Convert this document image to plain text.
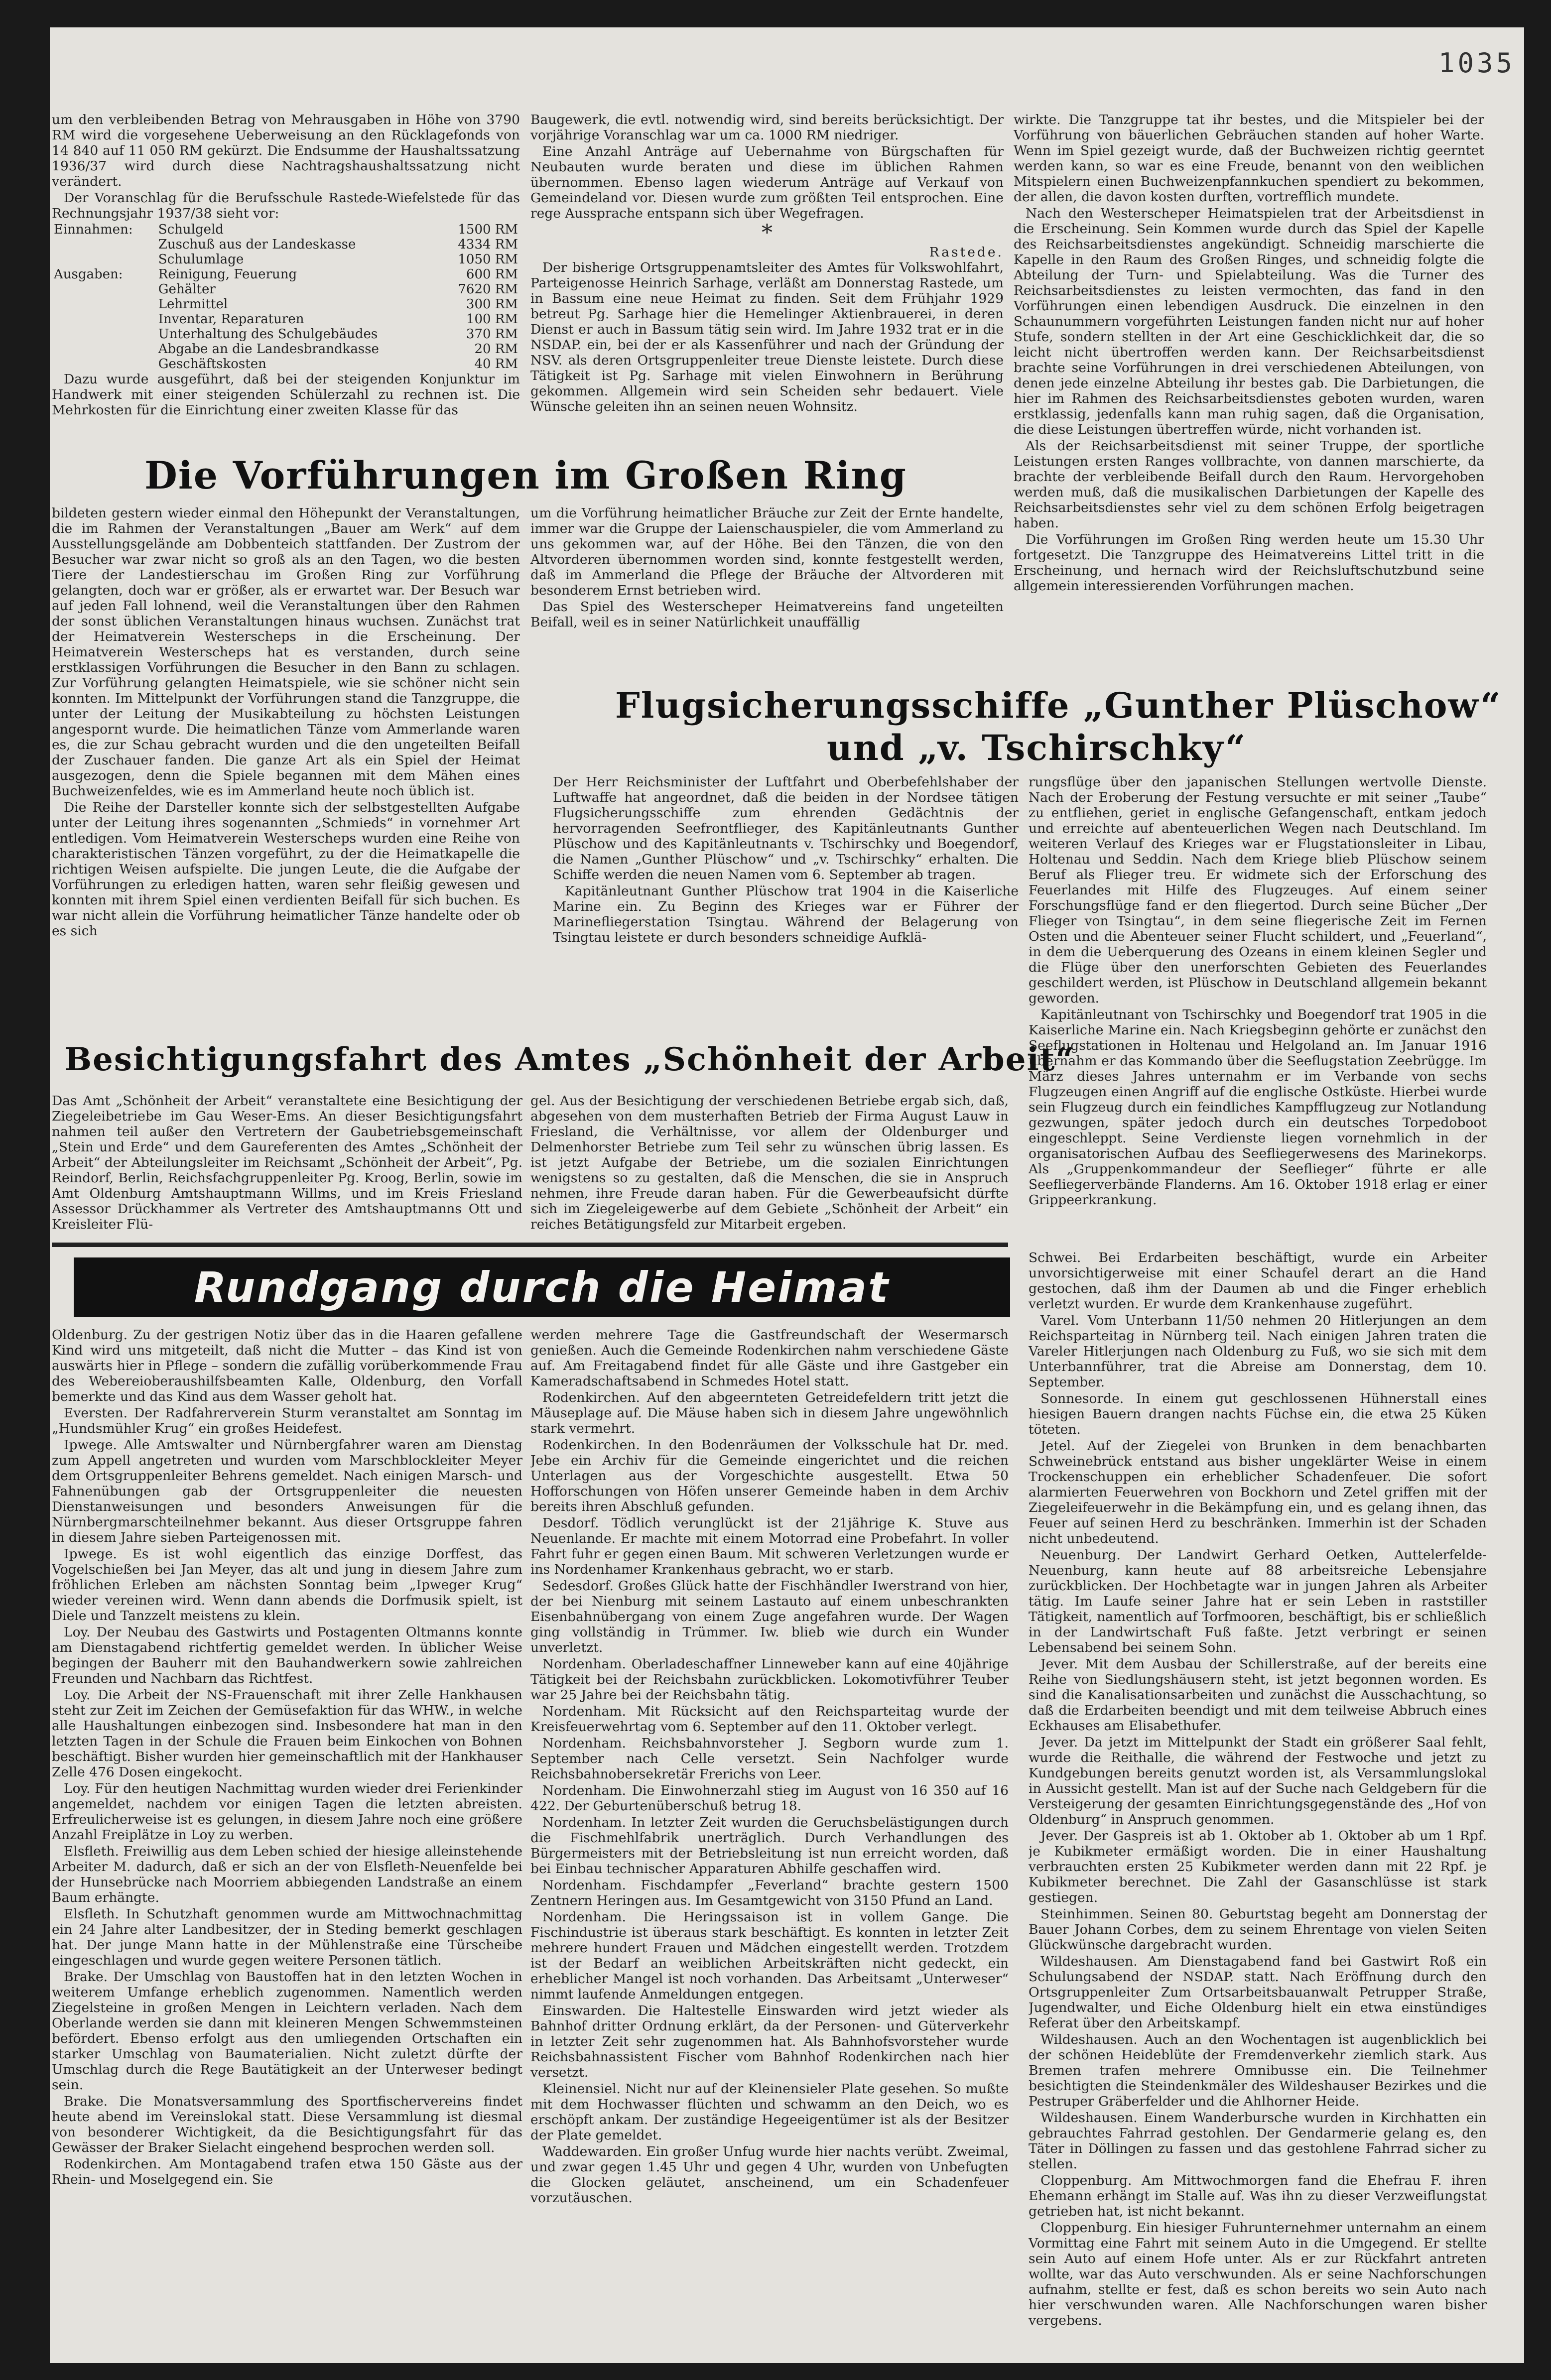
1035

um den verbleibenden Betrag von Mehrausgaben in Höhe von 3790 RM wird die vorgesehene Ueberweisung an den Rücklagefonds von 14 840 auf 11 050 RM gekürzt. Die Endsumme der Haushaltssatzung 1936/37 wird durch diese Nachtragshaushaltssatzung nicht verändert.

Der Voranschlag für die Berufsschule Rastede-Wiefelstede für das Rechnungsjahr 1937/38 sieht vor:

Einnahmen:	Schulgeld	1500 RM
	Zuschuß aus der Landeskasse	4334 RM
	Schulumlage	1050 RM
Ausgaben:	Reinigung, Feuerung	600 RM
	Gehälter	7620 RM
	Lehrmittel	300 RM
	Inventar, Reparaturen	100 RM
	Unterhaltung des Schulgebäudes	370 RM
	Abgabe an die Landesbrandkasse	20 RM
	Geschäftskosten	40 RM

Dazu wurde ausgeführt, daß bei der steigenden Konjunktur im Handwerk mit einer steigenden Schülerzahl zu rechnen ist. Die Mehrkosten für die Einrichtung einer zweiten Klasse für das

Baugewerk, die evtl. notwendig wird, sind bereits berücksichtigt. Der vorjährige Voranschlag war um ca. 1000 RM niedriger.

Eine Anzahl Anträge auf Uebernahme von Bürgschaften für Neubauten wurde beraten und diese im üblichen Rahmen übernommen. Ebenso lagen wiederum Anträge auf Verkauf von Gemeindeland vor. Diesen wurde zum größten Teil entsprochen. Eine rege Aussprache entspann sich über Wegefragen.

*
Rastede.

Der bisherige Ortsgruppenamtsleiter des Amtes für Volkswohlfahrt, Parteigenosse Heinrich Sarhage, verläßt am Donnerstag Rastede, um in Bassum eine neue Heimat zu finden. Seit dem Frühjahr 1929 betreut Pg. Sarhage hier die Hemelinger Aktienbrauerei, in deren Dienst er auch in Bassum tätig sein wird. Im Jahre 1932 trat er in die NSDAP. ein, bei der er als Kassenführer und nach der Gründung der NSV. als deren Ortsgruppenleiter treue Dienste leistete. Durch diese Tätigkeit ist Pg. Sarhage mit vielen Einwohnern in Berührung gekommen. Allgemein wird sein Scheiden sehr bedauert. Viele Wünsche geleiten ihn an seinen neuen Wohnsitz.

wirkte. Die Tanzgruppe tat ihr bestes, und die Mitspieler bei der Vorführung von bäuerlichen Gebräuchen standen auf hoher Warte. Wenn im Spiel gezeigt wurde, daß der Buchweizen richtig geerntet werden kann, so war es eine Freude, benannt von den weiblichen Mitspielern einen Buchweizenpfannkuchen spendiert zu bekommen, der allen, die davon kosten durften, vortrefflich mundete.

Nach den Westerscheper Heimatspielen trat der Arbeitsdienst in die Erscheinung. Sein Kommen wurde durch das Spiel der Kapelle des Reichsarbeitsdienstes angekündigt. Schneidig marschierte die Kapelle in den Raum des Großen Ringes, und schneidig folgte die Abteilung der Turn- und Spielabteilung. Was die Turner des Reichsarbeitsdienstes zu leisten vermochten, das fand in den Vorführungen einen lebendigen Ausdruck. Die einzelnen in den Schaunummern vorgeführten Leistungen fanden nicht nur auf hoher Stufe, sondern stellten in der Art eine Geschicklichkeit dar, die so leicht nicht übertroffen werden kann. Der Reichsarbeitsdienst brachte seine Vorführungen in drei verschiedenen Abteilungen, von denen jede einzelne Abteilung ihr bestes gab. Die Darbietungen, die hier im Rahmen des Reichsarbeitsdienstes geboten wurden, waren erstklassig, jedenfalls kann man ruhig sagen, daß die Organisation, die diese Leistungen übertreffen würde, nicht vorhanden ist.

Als der Reichsarbeitsdienst mit seiner Truppe, der sportliche Leistungen ersten Ranges vollbrachte, von dannen marschierte, da brachte der verbleibende Beifall durch den Raum. Hervorgehoben werden muß, daß die musikalischen Darbietungen der Kapelle des Reichsarbeitsdienstes sehr viel zu dem schönen Erfolg beigetragen haben.

Die Vorführungen im Großen Ring werden heute um 15.30 Uhr fortgesetzt. Die Tanzgruppe des Heimatvereins Littel tritt in die Erscheinung, und hernach wird der Reichsluftschutzbund seine allgemein interessierenden Vorführungen machen.

Die Vorführungen im Großen Ring

bildeten gestern wieder einmal den Höhepunkt der Veranstaltungen, die im Rahmen der Veranstaltungen „Bauer am Werk“ auf dem Ausstellungsgelände am Dobbenteich stattfanden. Der Zustrom der Besucher war zwar nicht so groß als an den Tagen, wo die besten Tiere der Landestierschau im Großen Ring zur Vorführung gelangten, doch war er größer, als er erwartet war. Der Besuch war auf jeden Fall lohnend, weil die Veranstaltungen über den Rahmen der sonst üblichen Veranstaltungen hinaus wuchsen. Zunächst trat der Heimatverein Westerscheps in die Erscheinung. Der Heimatverein Westerscheps hat es verstanden, durch seine erstklassigen Vorführungen die Besucher in den Bann zu schlagen. Zur Vorführung gelangten Heimatspiele, wie sie schöner nicht sein konnten. Im Mittelpunkt der Vorführungen stand die Tanzgruppe, die unter der Leitung der Musikabteilung zu höchsten Leistungen angespornt wurde. Die heimatlichen Tänze vom Ammerlande waren es, die zur Schau gebracht wurden und die den ungeteilten Beifall der Zuschauer fanden. Die ganze Art als ein Spiel der Heimat ausgezogen, denn die Spiele begannen mit dem Mähen eines Buchweizenfeldes, wie es im Ammerland heute noch üblich ist.

Die Reihe der Darsteller konnte sich der selbstgestellten Aufgabe unter der Leitung ihres sogenannten „Schmieds“ in vornehmer Art entledigen. Vom Heimatverein Westerscheps wurden eine Reihe von charakteristischen Tänzen vorgeführt, zu der die Heimatkapelle die richtigen Weisen aufspielte. Die jungen Leute, die die Aufgabe der Vorführungen zu erledigen hatten, waren sehr fleißig gewesen und konnten mit ihrem Spiel einen verdienten Beifall für sich buchen. Es war nicht allein die Vorführung heimatlicher Tänze handelte oder ob es sich

um die Vorführung heimatlicher Bräuche zur Zeit der Ernte handelte, immer war die Gruppe der Laienschauspieler, die vom Ammerland zu uns gekommen war, auf der Höhe. Bei den Tänzen, die von den Altvorderen übernommen worden sind, konnte festgestellt werden, daß im Ammerland die Pflege der Bräuche der Altvorderen mit besonderem Ernst betrieben wird.

Das Spiel des Westerscheper Heimatvereins fand ungeteilten Beifall, weil es in seiner Natürlichkeit unauffällig

Flugsicherungsschiffe „Gunther Plüschow“
und „v. Tschirschky“

Der Herr Reichsminister der Luftfahrt und Oberbefehlshaber der Luftwaffe hat angeordnet, daß die beiden in der Nordsee tätigen Flugsicherungsschiffe zum ehrenden Gedächtnis der hervorragenden Seefrontflieger, des Kapitänleutnants Gunther Plüschow und des Kapitänleutnants v. Tschirschky und Boegendorf, die Namen „Gunther Plüschow“ und „v. Tschirschky“ erhalten. Die Schiffe werden die neuen Namen vom 6. September ab tragen.

Kapitänleutnant Gunther Plüschow trat 1904 in die Kaiserliche Marine ein. Zu Beginn des Krieges war er Führer der Marinefliegerstation Tsingtau. Während der Belagerung von Tsingtau leistete er durch besonders schneidige Aufklä-

rungsflüge über den japanischen Stellungen wertvolle Dienste. Nach der Eroberung der Festung versuchte er mit seiner „Taube“ zu entfliehen, geriet in englische Gefangenschaft, entkam jedoch und erreichte auf abenteuerlichen Wegen nach Deutschland. Im weiteren Verlauf des Krieges war er Flugstationsleiter in Libau, Holtenau und Seddin. Nach dem Kriege blieb Plüschow seinem Beruf als Flieger treu. Er widmete sich der Erforschung des Feuerlandes mit Hilfe des Flugzeuges. Auf einem seiner Forschungsflüge fand er den fliegertod. Durch seine Bücher „Der Flieger von Tsingtau“, in dem seine fliegerische Zeit im Fernen Osten und die Abenteuer seiner Flucht schildert, und „Feuerland“, in dem die Ueberquerung des Ozeans in einem kleinen Segler und die Flüge über den unerforschten Gebieten des Feuerlandes geschildert werden, ist Plüschow in Deutschland allgemein bekannt geworden.

Kapitänleutnant von Tschirschky und Boegendorf trat 1905 in die Kaiserliche Marine ein. Nach Kriegsbeginn gehörte er zunächst den Seeflugstationen in Holtenau und Helgoland an. Im Januar 1916 übernahm er das Kommando über die Seeflugstation Zeebrügge. Im März dieses Jahres unternahm er im Verbande von sechs Flugzeugen einen Angriff auf die englische Ostküste. Hierbei wurde sein Flugzeug durch ein feindliches Kampfflugzeug zur Notlandung gezwungen, später jedoch durch ein deutsches Torpedoboot eingeschleppt. Seine Verdienste liegen vornehmlich in der organisatorischen Aufbau des Seefliegerwesens des Marinekorps. Als „Gruppenkommandeur der Seeflieger“ führte er alle Seefliegerverbände Flanderns. Am 16. Oktober 1918 erlag er einer Grippeerkrankung.

Besichtigungsfahrt des Amtes „Schönheit der Arbeit“

Das Amt „Schönheit der Arbeit“ veranstaltete eine Besichtigung der Ziegeleibetriebe im Gau Weser-Ems. An dieser Besichtigungsfahrt nahmen teil außer den Vertretern der Gaubetriebsgemeinschaft „Stein und Erde“ und dem Gaureferenten des Amtes „Schönheit der Arbeit“ der Abteilungsleiter im Reichsamt „Schönheit der Arbeit“, Pg. Reindorf, Berlin, Reichsfachgruppenleiter Pg. Kroog, Berlin, sowie im Amt Oldenburg Amtshauptmann Willms, und im Kreis Friesland Assessor Drückhammer als Vertreter des Amtshauptmanns Ott und Kreisleiter Flü-

gel. Aus der Besichtigung der verschiedenen Betriebe ergab sich, daß, abgesehen von dem musterhaften Betrieb der Firma August Lauw in Friesland, die Verhältnisse, vor allem der Oldenburger und Delmenhorster Betriebe zum Teil sehr zu wünschen übrig lassen. Es ist jetzt Aufgabe der Betriebe, um die sozialen Einrichtungen wenigstens so zu gestalten, daß die Menschen, die sie in Anspruch nehmen, ihre Freude daran haben. Für die Gewerbeaufsicht dürfte sich im Ziegeleigewerbe auf dem Gebiete „Schönheit der Arbeit“ ein reiches Betätigungsfeld zur Mitarbeit ergeben.

Rundgang durch die Heimat

Oldenburg. Zu der gestrigen Notiz über das in die Haaren gefallene Kind wird uns mitgeteilt, daß nicht die Mutter – das Kind ist von auswärts hier in Pflege – sondern die zufällig vorüberkommende Frau des Webereioberaushilfsbeamten Kalle, Oldenburg, den Vorfall bemerkte und das Kind aus dem Wasser geholt hat.

Eversten. Der Radfahrerverein Sturm veranstaltet am Sonntag im „Hundsmühler Krug“ ein großes Heidefest.

Ipwege. Alle Amtswalter und Nürnbergfahrer waren am Dienstag zum Appell angetreten und wurden vom Marschblockleiter Meyer dem Ortsgruppenleiter Behrens gemeldet. Nach einigen Marsch- und Fahnenübungen gab der Ortsgruppenleiter die neuesten Dienstanweisungen und besonders Anweisungen für die Nürnbergmarschteilnehmer bekannt. Aus dieser Ortsgruppe fahren in diesem Jahre sieben Parteigenossen mit.

Ipwege. Es ist wohl eigentlich das einzige Dorffest, das Vogelschießen bei Jan Meyer, das alt und jung in diesem Jahre zum fröhlichen Erleben am nächsten Sonntag beim „Ipweger Krug“ wieder vereinen wird. Wenn dann abends die Dorfmusik spielt, ist Diele und Tanzzelt meistens zu klein.

Loy. Der Neubau des Gastwirts und Postagenten Oltmanns konnte am Dienstagabend richtfertig gemeldet werden. In üblicher Weise begingen der Bauherr mit den Bauhandwerkern sowie zahlreichen Freunden und Nachbarn das Richtfest.

Loy. Die Arbeit der NS-Frauenschaft mit ihrer Zelle Hankhausen steht zur Zeit im Zeichen der Gemüsefaktion für das WHW., in welche alle Haushaltungen einbezogen sind. Insbesondere hat man in den letzten Tagen in der Schule die Frauen beim Einkochen von Bohnen beschäftigt. Bisher wurden hier gemeinschaftlich mit der Hankhauser Zelle 476 Dosen eingekocht.

Loy. Für den heutigen Nachmittag wurden wieder drei Ferienkinder angemeldet, nachdem vor einigen Tagen die letzten abreisten. Erfreulicherweise ist es gelungen, in diesem Jahre noch eine größere Anzahl Freiplätze in Loy zu werben.

Elsfleth. Freiwillig aus dem Leben schied der hiesige alleinstehende Arbeiter M. dadurch, daß er sich an der von Elsfleth-Neuenfelde bei der Hunsebrücke nach Moorriem abbiegenden Landstraße an einem Baum erhängte.

Elsfleth. In Schutzhaft genommen wurde am Mittwochnachmittag ein 24 Jahre alter Landbesitzer, der in Steding bemerkt geschlagen hat. Der junge Mann hatte in der Mühlenstraße eine Türscheibe eingeschlagen und wurde gegen weitere Personen tätlich.

Brake. Der Umschlag von Baustoffen hat in den letzten Wochen in weiterem Umfange erheblich zugenommen. Namentlich werden Ziegelsteine in großen Mengen in Leichtern verladen. Nach dem Oberlande werden sie dann mit kleineren Mengen Schwemmsteinen befördert. Ebenso erfolgt aus den umliegenden Ortschaften ein starker Umschlag von Baumaterialien. Nicht zuletzt dürfte der Umschlag durch die Rege Bautätigkeit an der Unterweser bedingt sein.

Brake. Die Monatsversammlung des Sportfischervereins findet heute abend im Vereinslokal statt. Diese Versammlung ist diesmal von besonderer Wichtigkeit, da die Besichtigungsfahrt für das Gewässer der Braker Sielacht eingehend besprochen werden soll.

Rodenkirchen. Am Montagabend trafen etwa 150 Gäste aus der Rhein- und Moselgegend ein. Sie

werden mehrere Tage die Gastfreundschaft der Wesermarsch genießen. Auch die Gemeinde Rodenkirchen nahm verschiedene Gäste auf. Am Freitagabend findet für alle Gäste und ihre Gastgeber ein Kameradschaftsabend in Schmedes Hotel statt.

Rodenkirchen. Auf den abgeernteten Getreidefeldern tritt jetzt die Mäuseplage auf. Die Mäuse haben sich in diesem Jahre ungewöhnlich stark vermehrt.

Rodenkirchen. In den Bodenräumen der Volksschule hat Dr. med. Jebe ein Archiv für die Gemeinde eingerichtet und die reichen Unterlagen aus der Vorgeschichte ausgestellt. Etwa 50 Hofforschungen von Höfen unserer Gemeinde haben in dem Archiv bereits ihren Abschluß gefunden.

Desdorf. Tödlich verunglückt ist der 21jährige K. Stuve aus Neuenlande. Er machte mit einem Motorrad eine Probefahrt. In voller Fahrt fuhr er gegen einen Baum. Mit schweren Verletzungen wurde er ins Nordenhamer Krankenhaus gebracht, wo er starb.

Sedesdorf. Großes Glück hatte der Fischhändler Iwerstrand von hier, der bei Nienburg mit seinem Lastauto auf einem unbeschrankten Eisenbahnübergang von einem Zuge angefahren wurde. Der Wagen ging vollständig in Trümmer. Iw. blieb wie durch ein Wunder unverletzt.

Nordenham. Oberladeschaffner Linneweber kann auf eine 40jährige Tätigkeit bei der Reichsbahn zurückblicken. Lokomotivführer Teuber war 25 Jahre bei der Reichsbahn tätig.

Nordenham. Mit Rücksicht auf den Reichsparteitag wurde der Kreisfeuerwehrtag vom 6. September auf den 11. Oktober verlegt.

Nordenham. Reichsbahnvorsteher J. Segborn wurde zum 1. September nach Celle versetzt. Sein Nachfolger wurde Reichsbahnobersekretär Frerichs von Leer.

Nordenham. Die Einwohnerzahl stieg im August von 16 350 auf 16 422. Der Geburtenüberschuß betrug 18.

Nordenham. In letzter Zeit wurden die Geruchsbelästigungen durch die Fischmehlfabrik unerträglich. Durch Verhandlungen des Bürgermeisters mit der Betriebsleitung ist nun erreicht worden, daß bei Einbau technischer Apparaturen Abhilfe geschaffen wird.

Nordenham. Fischdampfer „Feverland“ brachte gestern 1500 Zentnern Heringen aus. Im Gesamtgewicht von 3150 Pfund an Land.

Nordenham. Die Heringssaison ist in vollem Gange. Die Fischindustrie ist überaus stark beschäftigt. Es konnten in letzter Zeit mehrere hundert Frauen und Mädchen eingestellt werden. Trotzdem ist der Bedarf an weiblichen Arbeitskräften nicht gedeckt, ein erheblicher Mangel ist noch vorhanden. Das Arbeitsamt „Unterweser“ nimmt laufende Anmeldungen entgegen.

Einswarden. Die Haltestelle Einswarden wird jetzt wieder als Bahnhof dritter Ordnung erklärt, da der Personen- und Güterverkehr in letzter Zeit sehr zugenommen hat. Als Bahnhofsvorsteher wurde Reichsbahnassistent Fischer vom Bahnhof Rodenkirchen nach hier versetzt.

Kleinensiel. Nicht nur auf der Kleinensieler Plate gesehen. So mußte mit dem Hochwasser flüchten und schwamm an den Deich, wo es erschöpft ankam. Der zuständige Hegeeigentümer ist als der Besitzer der Plate gemeldet.

Waddewarden. Ein großer Unfug wurde hier nachts verübt. Zweimal, und zwar gegen 1.45 Uhr und gegen 4 Uhr, wurden von Unbefugten die Glocken geläutet, anscheinend, um ein Schadenfeuer vorzutäuschen.

Schwei. Bei Erdarbeiten beschäftigt, wurde ein Arbeiter unvorsichtigerweise mit einer Schaufel derart an die Hand gestochen, daß ihm der Daumen ab und die Finger erheblich verletzt wurden. Er wurde dem Krankenhause zugeführt.

Varel. Vom Unterbann 11/50 nehmen 20 Hitlerjungen an dem Reichsparteitag in Nürnberg teil. Nach einigen Jahren traten die Vareler Hitlerjungen nach Oldenburg zu Fuß, wo sie sich mit dem Unterbannführer, trat die Abreise am Donnerstag, dem 10. September.

Sonnesorde. In einem gut geschlossenen Hühnerstall eines hiesigen Bauern drangen nachts Füchse ein, die etwa 25 Küken töteten.

Jetel. Auf der Ziegelei von Brunken in dem benachbarten Schweinebrück entstand aus bisher ungeklärter Weise in einem Trockenschuppen ein erheblicher Schadenfeuer. Die sofort alarmierten Feuerwehren von Bockhorn und Zetel griffen mit der Ziegeleifeuerwehr in die Bekämpfung ein, und es gelang ihnen, das Feuer auf seinen Herd zu beschränken. Immerhin ist der Schaden nicht unbedeutend.

Neuenburg. Der Landwirt Gerhard Oetken, Auttelerfelde-Neuenburg, kann heute auf 88 arbeitsreiche Lebensjahre zurückblicken. Der Hochbetagte war in jungen Jahren als Arbeiter tätig. Im Laufe seiner Jahre hat er sein Leben in raststiller Tätigkeit, namentlich auf Torfmooren, beschäftigt, bis er schließlich in der Landwirtschaft Fuß faßte. Jetzt verbringt er seinen Lebensabend bei seinem Sohn.

Jever. Mit dem Ausbau der Schillerstraße, auf der bereits eine Reihe von Siedlungshäusern steht, ist jetzt begonnen worden. Es sind die Kanalisationsarbeiten und zunächst die Ausschachtung, so daß die Erdarbeiten beendigt und mit dem teilweise Abbruch eines Eckhauses am Elisabethufer.

Jever. Da jetzt im Mittelpunkt der Stadt ein größerer Saal fehlt, wurde die Reithalle, die während der Festwoche und jetzt zu Kundgebungen bereits genutzt worden ist, als Versammlungslokal in Aussicht gestellt. Man ist auf der Suche nach Geldgebern für die Versteigerung der gesamten Einrichtungsgegenstände des „Hof von Oldenburg“ in Anspruch genommen.

Jever. Der Gaspreis ist ab 1. Oktober ab 1. Oktober ab um 1 Rpf. je Kubikmeter ermäßigt worden. Die in einer Haushaltung verbrauchten ersten 25 Kubikmeter werden dann mit 22 Rpf. je Kubikmeter berechnet. Die Zahl der Gasanschlüsse ist stark gestiegen.

Steinhimmen. Seinen 80. Geburtstag begeht am Donnerstag der Bauer Johann Corbes, dem zu seinem Ehrentage von vielen Seiten Glückwünsche dargebracht wurden.

Wildeshausen. Am Dienstagabend fand bei Gastwirt Roß ein Schulungsabend der NSDAP. statt. Nach Eröffnung durch den Ortsgruppenleiter Zum Ortsarbeitsbauanwalt Petrupper Straße, Jugendwalter, und Eiche Oldenburg hielt ein etwa einstündiges Referat über den Arbeitskampf.

Wildeshausen. Auch an den Wochentagen ist augenblicklich bei der schönen Heideblüte der Fremdenverkehr ziemlich stark. Aus Bremen trafen mehrere Omnibusse ein. Die Teilnehmer besichtigten die Steindenkmäler des Wildeshauser Bezirkes und die Pestruper Gräberfelder und die Ahlhorner Heide.

Wildeshausen. Einem Wanderbursche wurden in Kirchhatten ein gebrauchtes Fahrrad gestohlen. Der Gendarmerie gelang es, den Täter in Döllingen zu fassen und das gestohlene Fahrrad sicher zu stellen.

Cloppenburg. Am Mittwochmorgen fand die Ehefrau F. ihren Ehemann erhängt im Stalle auf. Was ihn zu dieser Verzweiflungstat getrieben hat, ist nicht bekannt.

Cloppenburg. Ein hiesiger Fuhrunternehmer unternahm an einem Vormittag eine Fahrt mit seinem Auto in die Umgegend. Er stellte sein Auto auf einem Hofe unter. Als er zur Rückfahrt antreten wollte, war das Auto verschwunden. Als er seine Nachforschungen aufnahm, stellte er fest, daß es schon bereits wo sein Auto nach hier verschwunden waren. Alle Nachforschungen waren bisher vergebens.
